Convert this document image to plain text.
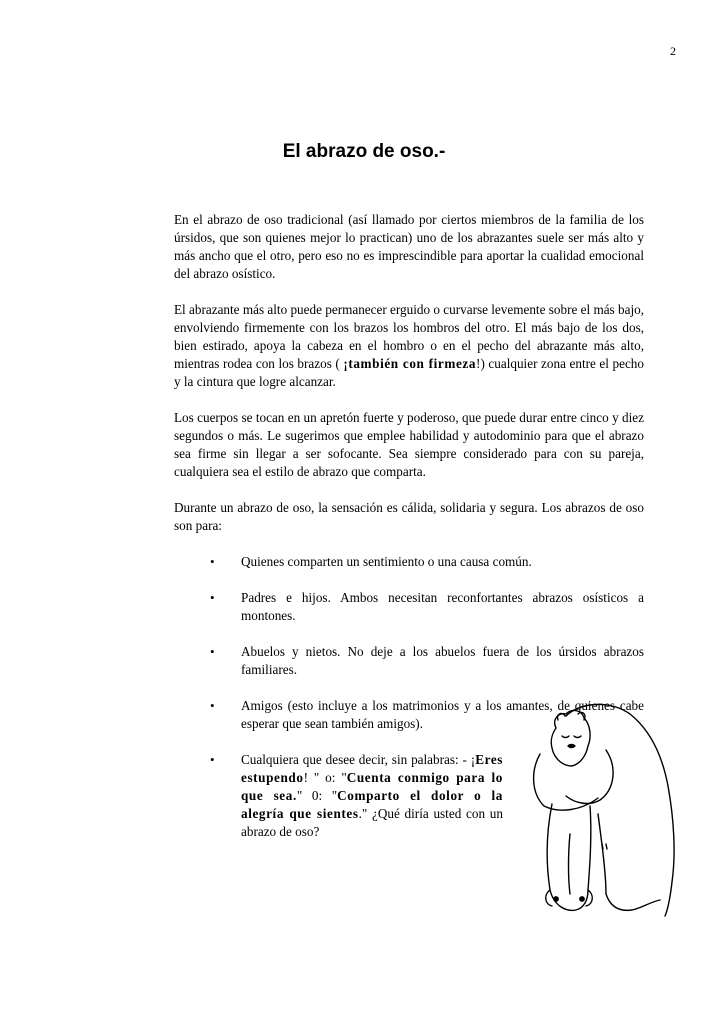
2
El abrazo de oso.-

En el abrazo de oso tradicional (así llamado por ciertos miembros de la familia de los úrsidos, que son quienes mejor lo practican) uno de los abrazantes suele ser más alto y más ancho que el otro, pero eso no es imprescindible para aportar la cualidad emocional del abrazo osístico.

El abrazante más alto puede permanecer erguido o curvarse levemente sobre el más bajo, envolviendo firmemente con los brazos los hombros del otro. El más bajo de los dos, bien estirado, apoya la cabeza en el hombro o en el pecho del abrazante más alto, mientras rodea con los brazos ( ¡también con firmeza!) cualquier zona entre el pecho y la cintura que logre alcanzar.

Los cuerpos se tocan en un apretón fuerte y poderoso, que puede durar entre cinco y diez segundos o más. Le sugerimos que emplee habilidad y autodominio para que el abrazo sea firme sin llegar a ser sofocante. Sea siempre considerado para con su pareja, cualquiera sea el estilo de abrazo que comparta.

Durante un abrazo de oso, la sensación es cálida, solidaria y segura. Los abrazos de oso son para:

• Quienes comparten un sentimiento o una causa común.
• Padres e hijos. Ambos necesitan reconfortantes abrazos osísticos a montones.
• Abuelos y nietos. No deje a los abuelos fuera de los úrsidos abrazos familiares.
• Amigos (esto incluye a los matrimonios y a los amantes, de quienes cabe esperar que sean también amigos).
• Cualquiera que desee decir, sin palabras: - ¡Eres estupendo! " o: "Cuenta conmigo para lo que sea." 0: "Comparto el dolor o la alegría que sientes." ¿Qué diría usted con un abrazo de oso?
